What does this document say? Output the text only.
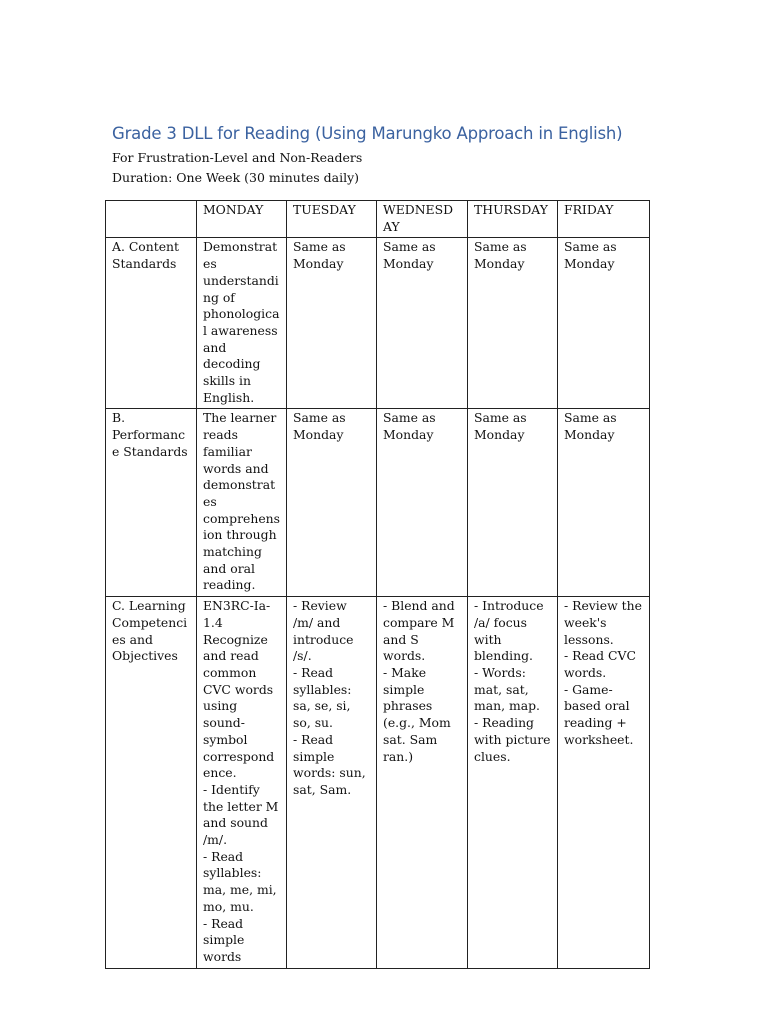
Grade 3 DLL for Reading (Using Marungko Approach in English)
For Frustration-Level and Non-Readers
Duration: One Week (30 minutes daily)
	MONDAY	TUESDAY	WEDNESDAY	THURSDAY	FRIDAY
A. Content Standards	Demonstrates understanding of phonological awareness and decoding skills in English.	Same as Monday	Same as Monday	Same as Monday	Same as Monday

B. Performance Standards	The learner reads familiar words and demonstrates comprehension through matching and oral reading.	Same as Monday	Same as Monday	Same as Monday	Same as Monday

C. Learning Competencies and Objectives	EN3RC-Ia-1.4 Recognize and read common CVC words using sound-symbol correspondence.
- Identify the letter M and sound /m/.
- Read syllables: ma, me, mi, mo, mu.
- Read simple words	- Review /m/ and introduce /s/.
- Read syllables: sa, se, si, so, su.
- Read simple words: sun, sat, Sam.	- Blend and compare M and S words.
- Make simple phrases (e.g., Mom sat. Sam ran.)	- Introduce /a/ focus with blending.
- Words: mat, sat, man, map.
- Reading with picture clues.	- Review the week's lessons.
- Read CVC words.
- Game-based oral reading + worksheet.
